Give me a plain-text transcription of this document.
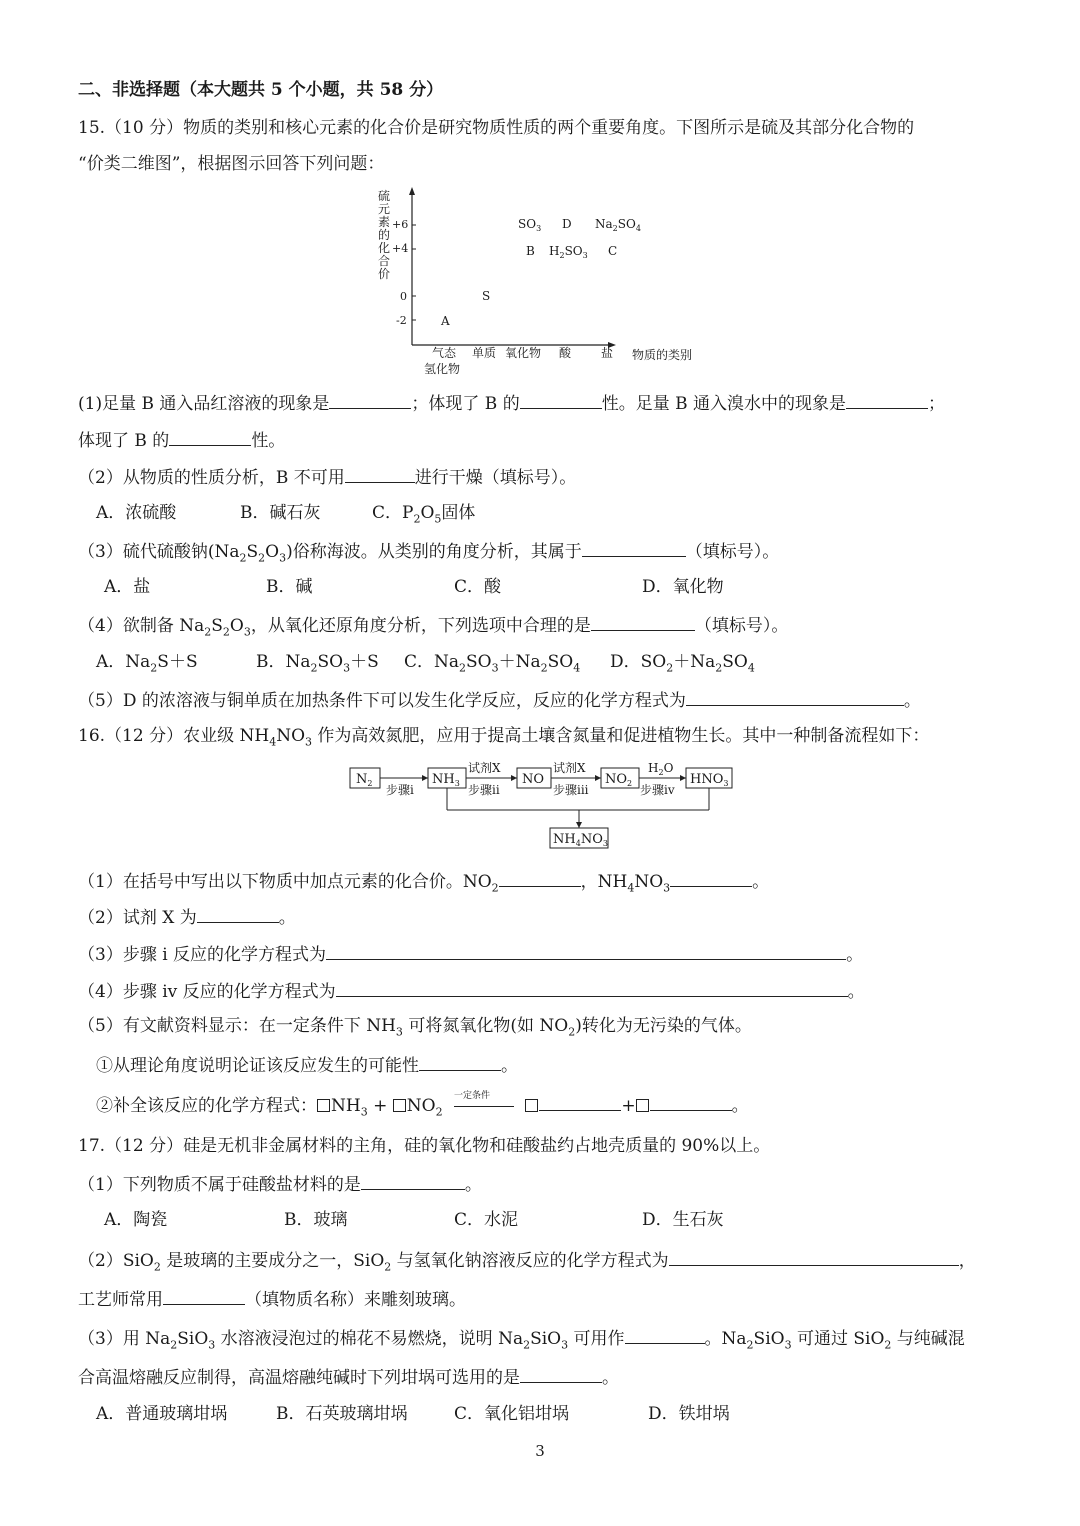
二、非选择题（本大题共 5 个小题，共 58 分）
15.（10 分）物质的类别和核心元素的化合价是研究物质性质的两个重要角度。下图所示是硫及其部分化合物的
“价类二维图”，根据图示回答下列问题：
硫
元
素
的
化
合
价
+6
+4
0
-2
气态
氢化物
单质 氧化物 酸 盐 物质的类别
$SO_3$ D $Na_2SO_4$
B $H_2SO_3$ C
S
A
(1)足量 B 通入品红溶液的现象是	；体现了 B 的	性。足量 B 通入溴水中的现象是	；
体现了 B 的	性。
（2）从物质的性质分析，B 不可用	进行干燥（填标号）。
A．浓硫酸	B．碱石灰	C．$P_2O_5$固体
（3）硫代硫酸钠$(Na_2S_2O_3)$俗称海波。从类别的角度分析，其属于	（填标号）。
A．盐	B．碱	C．酸	D．氧化物
（4）欲制备 $Na_2S_2O_3$，从氧化还原角度分析，下列选项中合理的是	（填标号）。
A．$Na_2S+S$	B．$Na_2SO_3+S$ C．$Na_2SO_3+Na_2SO_4$ D．$SO_2+Na_2SO_4$
（5）D 的浓溶液与铜单质在加热条件下可以发生化学反应，反应的化学方程式为	。
16.（12 分）农业级 $NH_4NO_3$ 作为高效氮肥，应用于提高土壤含氮量和促进植物生长。其中一种制备流程如下：
$N_2$	$NH_3$	NO	$NO_2$	$HNO_3$
$NH_4NO_3$
试剂X	试剂X	$H_2O$
步骤i	步骤ii	步骤iii	步骤iv
（1）在括号中写出以下物质中加点元素的化合价。$NO_2$	，$NH_4NO_3$	。
（2）试剂 X 为	。
（3）步骤 i 反应的化学方程式为	。
（4）步骤 iv 反应的化学方程式为	。
（5）有文献资料显示：在一定条件下 $NH_3$ 可将氮氧化物(如 $NO_2$)转化为无污染的气体。
①从理论角度说明论证该反应发生的可能性	。
②补全该反应的化学方程式： $NH_3 + NO_2$
一定条件	+	。
17.（12 分）硅是无机非金属材料的主角，硅的氧化物和硅酸盐约占地壳质量的 90%以上。
（1）下列物质不属于硅酸盐材料的是	。
A．陶瓷	B．玻璃	C．水泥	D．生石灰
（2）SiO$_2$ 是玻璃的主要成分之一，SiO$_2$ 与氢氧化钠溶液反应的化学方程式为	，
工艺师常用	（填物质名称）来雕刻玻璃。
（3）用 $Na_2SiO_3$ 水溶液浸泡过的棉花不易燃烧，说明 $Na_2SiO_3$ 可用作	。$Na_2SiO_3$ 可通过 SiO$_2$ 与纯碱混
合高温熔融反应制得，高温熔融纯碱时下列坩埚可选用的是	。
A．普通玻璃坩埚	B．石英玻璃坩埚	C．氧化铝坩埚	D．铁坩埚
3
